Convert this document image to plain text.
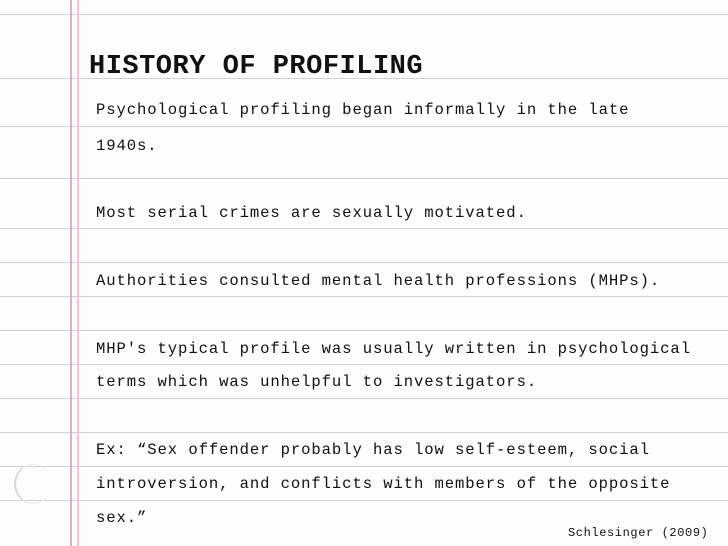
HISTORY OF PROFILING

Psychological profiling began informally in the late

1940s.

Most serial crimes are sexually motivated.

Authorities consulted mental health professions (MHPs).

MHP's typical profile was usually written in psychological

terms which was unhelpful to investigators.

Ex: “Sex offender probably has low self-esteem, social

introversion, and conflicts with members of the opposite

sex.”

Schlesinger (2009)
